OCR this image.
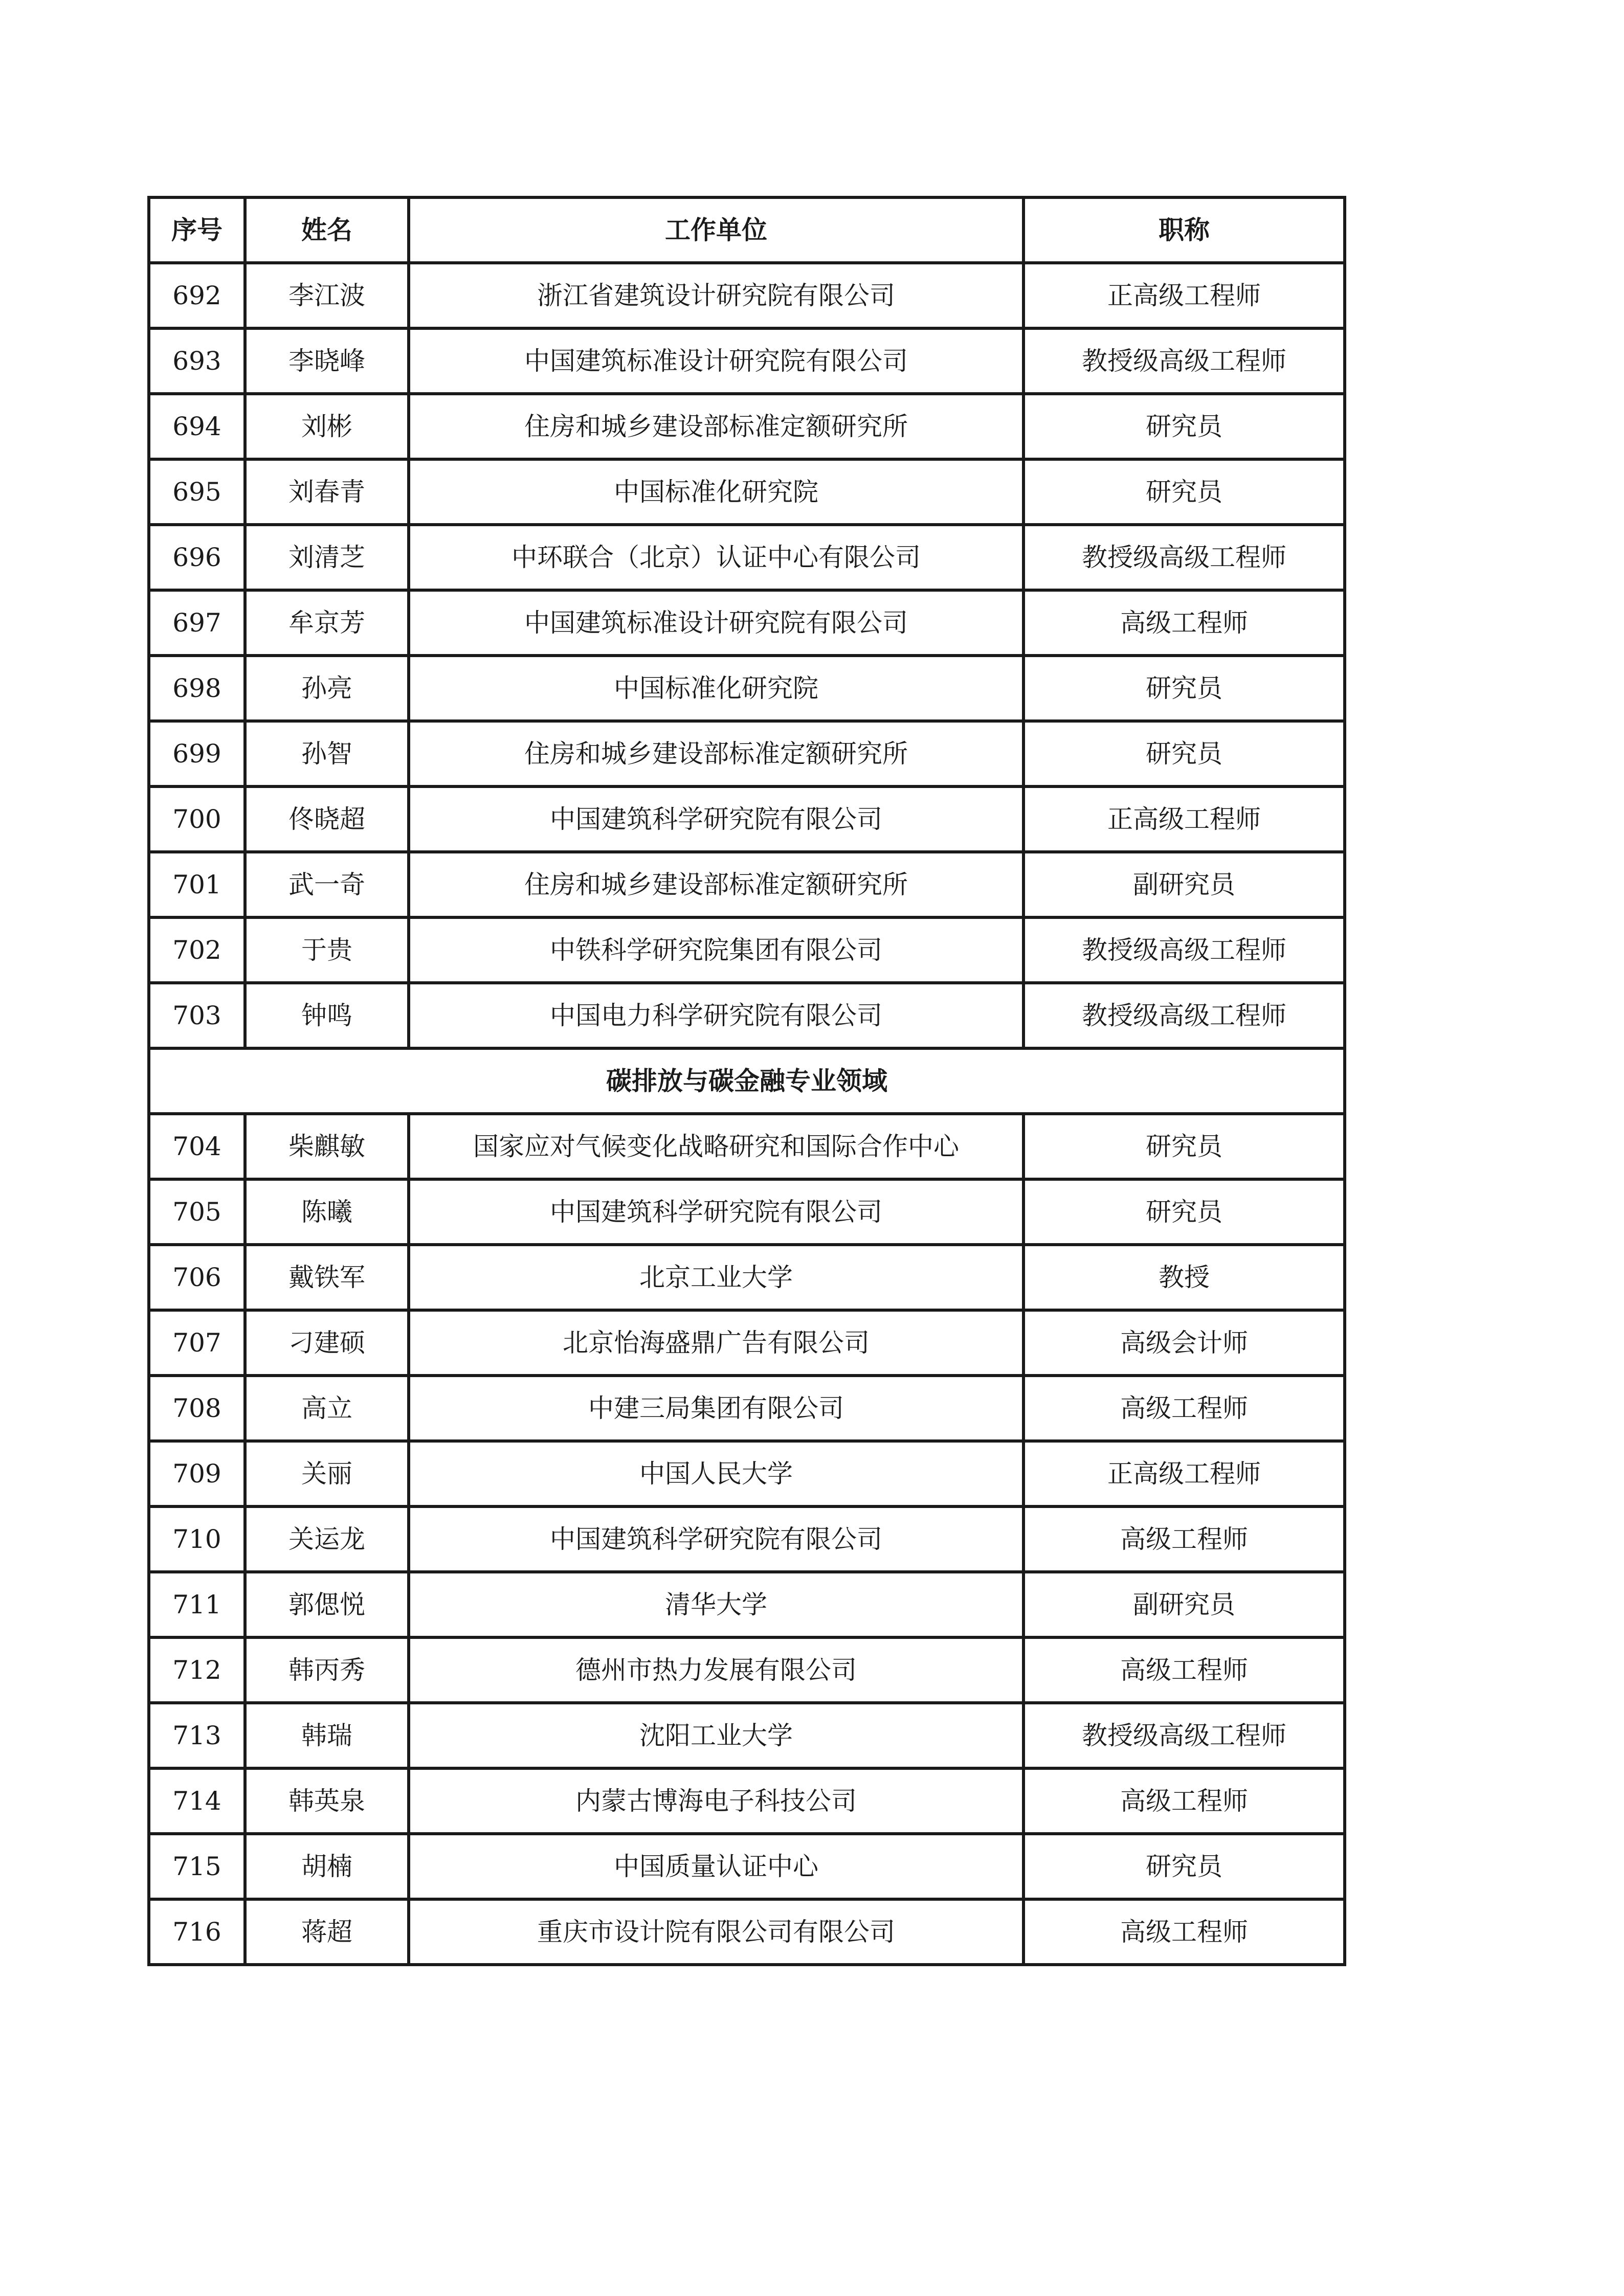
序号	姓名	工作单位	职称
692	李江波	浙江省建筑设计研究院有限公司	正高级工程师
693	李晓峰	中国建筑标准设计研究院有限公司	教授级高级工程师
694	刘彬	住房和城乡建设部标准定额研究所	研究员
695	刘春青	中国标准化研究院	研究员
696	刘清芝	中环联合（北京）认证中心有限公司	教授级高级工程师
697	牟京芳	中国建筑标准设计研究院有限公司	高级工程师
698	孙亮	中国标准化研究院	研究员
699	孙智	住房和城乡建设部标准定额研究所	研究员
700	佟晓超	中国建筑科学研究院有限公司	正高级工程师
701	武一奇	住房和城乡建设部标准定额研究所	副研究员
702	于贵	中铁科学研究院集团有限公司	教授级高级工程师
703	钟鸣	中国电力科学研究院有限公司	教授级高级工程师
碳排放与碳金融专业领域			
704	柴麒敏	国家应对气候变化战略研究和国际合作中心	研究员
705	陈曦	中国建筑科学研究院有限公司	研究员
706	戴铁军	北京工业大学	教授
707	刁建硕	北京怡海盛鼎广告有限公司	高级会计师
708	高立	中建三局集团有限公司	高级工程师
709	关丽	中国人民大学	正高级工程师
710	关运龙	中国建筑科学研究院有限公司	高级工程师
711	郭偲悦	清华大学	副研究员
712	韩丙秀	德州市热力发展有限公司	高级工程师
713	韩瑞	沈阳工业大学	教授级高级工程师
714	韩英泉	内蒙古博海电子科技公司	高级工程师
715	胡楠	中国质量认证中心	研究员
716	蒋超	重庆市设计院有限公司有限公司	高级工程师
